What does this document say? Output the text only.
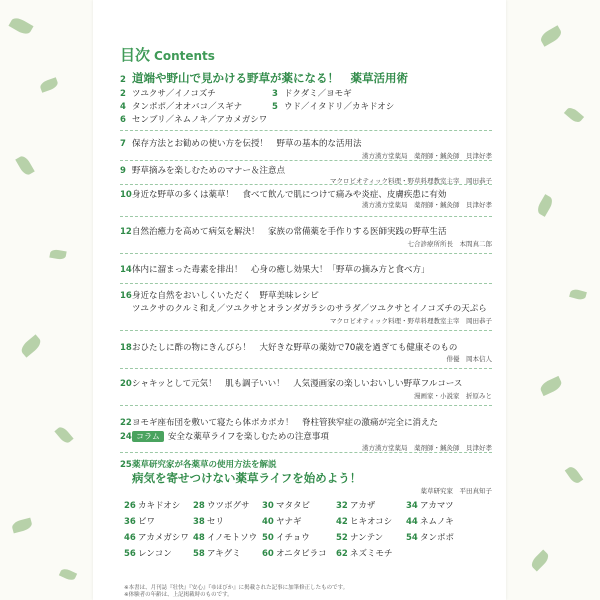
目次 Contents
2 道端や野山で見かける野草が薬になる！　薬草活用術
2 ツユクサ／イノコズチ	3 ドクダミ／ヨモギ
4 タンポポ／オオバコ／スギナ	5 ウド／イタドリ／カキドオシ
6 センブリ／ネムノキ／アカメガシワ
7 保存方法とお勧めの使い方を伝授！　野草の基本的な活用法
漢方漢方堂薬局　薬剤師・鍼灸師　貝津好孝
9 野草摘みを楽しむためのマナー＆注意点
マクロビオティック料理・野草料理教室主宰　岡田恭子
10身近な野草の多くは薬草！　食べて飲んで肌につけて痛みや炎症、皮膚疾患に有効
漢方漢方堂薬局　薬剤師・鍼灸師　貝津好孝
12自然治癒力を高めて病気を解決！　家族の常備薬を手作りする医師実践の野草生活
七合診療所所長　本間真二郎
14体内に溜まった毒素を排出！　心身の癒し効果大！「野草の摘み方と食べ方」
16身近な自然をおいしくいただく　野草美味レシピ
ツユクサのクルミ和え／ツユクサとオランダガラシのサラダ／ツユクサとイノコズチの天ぷら
マクロビオティック料理・野草料理教室主宰　岡田恭子
18おひたしに酢の物にきんぴら！　大好きな野草の薬効で70歳を過ぎても健康そのもの
俳優　岡本信人
20シャキッとして元気！　肌も調子いい！　人気漫画家の楽しいおいしい野草フルコース
漫画家・小説家　折原みと
22ヨモギ座布団を敷いて寝たら体ポカポカ！　脊柱管狭窄症の激痛が完全に消えた
24 コラム 安全な薬草ライフを楽しむための注意事項
漢方漢方堂薬局　薬剤師・鍼灸師　貝津好孝
25薬草研究家が各薬草の使用方法を解説
病気を寄せつけない薬草ライフを始めよう！
薬草研究家　平田真知子
26 カキドオシ 28 ウツボグサ 30 マタタビ	32 アカザ	34 アカマツ
36 ビワ	38 セリ	40 ヤナギ	42 ヒキオコシ 44 ネムノキ
46 アカメガシワ 48 イノモトソウ 50 イチョウ	52 ナンテン	54 タンポポ
56 レンコン 58 アキグミ	60 オニタビラコ 62 ネズミモチ
※本書は、月刊誌『壮快』『安心』『ゆほびか』に掲載された記事に加筆修正したものです。
※体験者の年齢は、上記掲載時のものです。
